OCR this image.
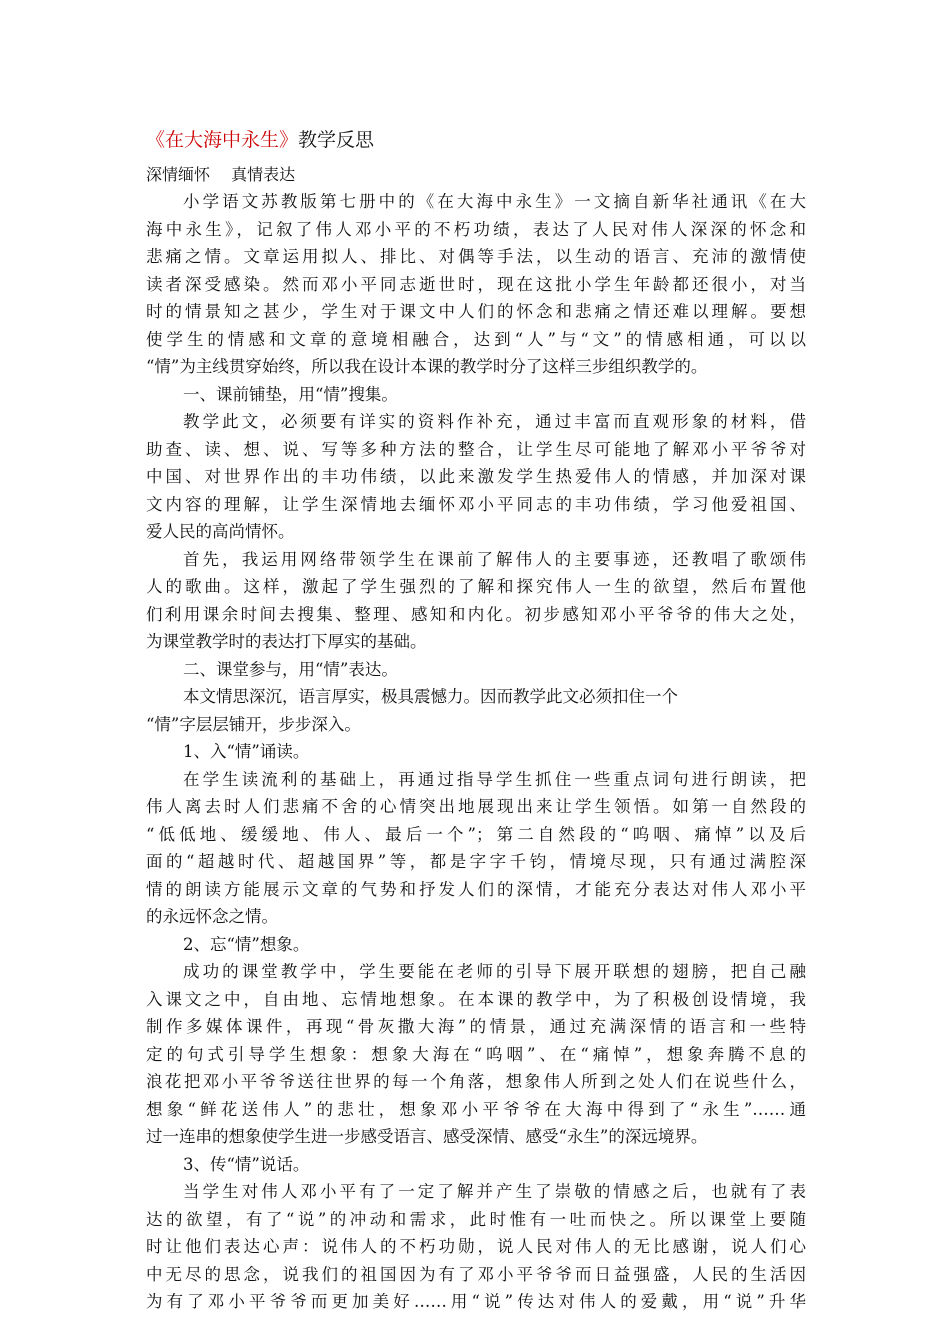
《在大海中永生》教学反思
深情缅怀　 真情表达
小学语文苏教版第七册中的《在大海中永生》一文摘自新华社通讯《在大
海中永生》，记叙了伟人邓小平的不朽功绩，表达了人民对伟人深深的怀念和
悲痛之情。文章运用拟人、排比、对偶等手法，以生动的语言、充沛的激情使
读者深受感染。然而邓小平同志逝世时，现在这批小学生年龄都还很小，对当
时的情景知之甚少，学生对于课文中人们的怀念和悲痛之情还难以理解。要想
使学生的情感和文章的意境相融合，达到“人”与“文”的情感相通，可以以
“情”为主线贯穿始终，所以我在设计本课的教学时分了这样三步组织教学的。
一、课前铺垫，用“情”搜集。
教学此文，必须要有详实的资料作补充，通过丰富而直观形象的材料，借
助查、读、想、说、写等多种方法的整合，让学生尽可能地了解邓小平爷爷对
中国、对世界作出的丰功伟绩，以此来激发学生热爱伟人的情感，并加深对课
文内容的理解，让学生深情地去缅怀邓小平同志的丰功伟绩，学习他爱祖国、
爱人民的高尚情怀。
首先，我运用网络带领学生在课前了解伟人的主要事迹，还教唱了歌颂伟
人的歌曲。这样，激起了学生强烈的了解和探究伟人一生的欲望，然后布置他
们利用课余时间去搜集、整理、感知和内化。初步感知邓小平爷爷的伟大之处，
为课堂教学时的表达打下厚实的基础。
二、课堂参与，用“情”表达。
本文情思深沉，语言厚实，极具震憾力。因而教学此文必须扣住一个
“情”字层层铺开，步步深入。
1、入“情”诵读。
在学生读流利的基础上，再通过指导学生抓住一些重点词句进行朗读，把
伟人离去时人们悲痛不舍的心情突出地展现出来让学生领悟。如第一自然段的
“低低地、缓缓地、伟人、最后一个”；第二自然段的“呜咽、痛悼”以及后
面的“超越时代、超越国界”等，都是字字千钧，情境尽现，只有通过满腔深
情的朗读方能展示文章的气势和抒发人们的深情，才能充分表达对伟人邓小平
的永远怀念之情。
2、忘“情”想象。
成功的课堂教学中，学生要能在老师的引导下展开联想的翅膀，把自己融
入课文之中，自由地、忘情地想象。在本课的教学中，为了积极创设情境，我
制作多媒体课件，再现“骨灰撒大海”的情景，通过充满深情的语言和一些特
定的句式引导学生想象：想象大海在“呜咽”、在“痛悼”，想象奔腾不息的
浪花把邓小平爷爷送往世界的每一个角落，想象伟人所到之处人们在说些什么，
想象“鲜花送伟人”的悲壮，想象邓小平爷爷在大海中得到了“永生”……通
过一连串的想象使学生进一步感受语言、感受深情、感受“永生”的深远境界。
3、传“情”说话。
当学生对伟人邓小平有了一定了解并产生了崇敬的情感之后，也就有了表
达的欲望，有了“说”的冲动和需求，此时惟有一吐而快之。所以课堂上要随
时让他们表达心声：说伟人的不朽功勋，说人民对伟人的无比感谢，说人们心
中无尽的思念，说我们的祖国因为有了邓小平爷爷而日益强盛，人民的生活因
为有了邓小平爷爷而更加美好……用“说”传达对伟人的爱戴，用“说”升华
